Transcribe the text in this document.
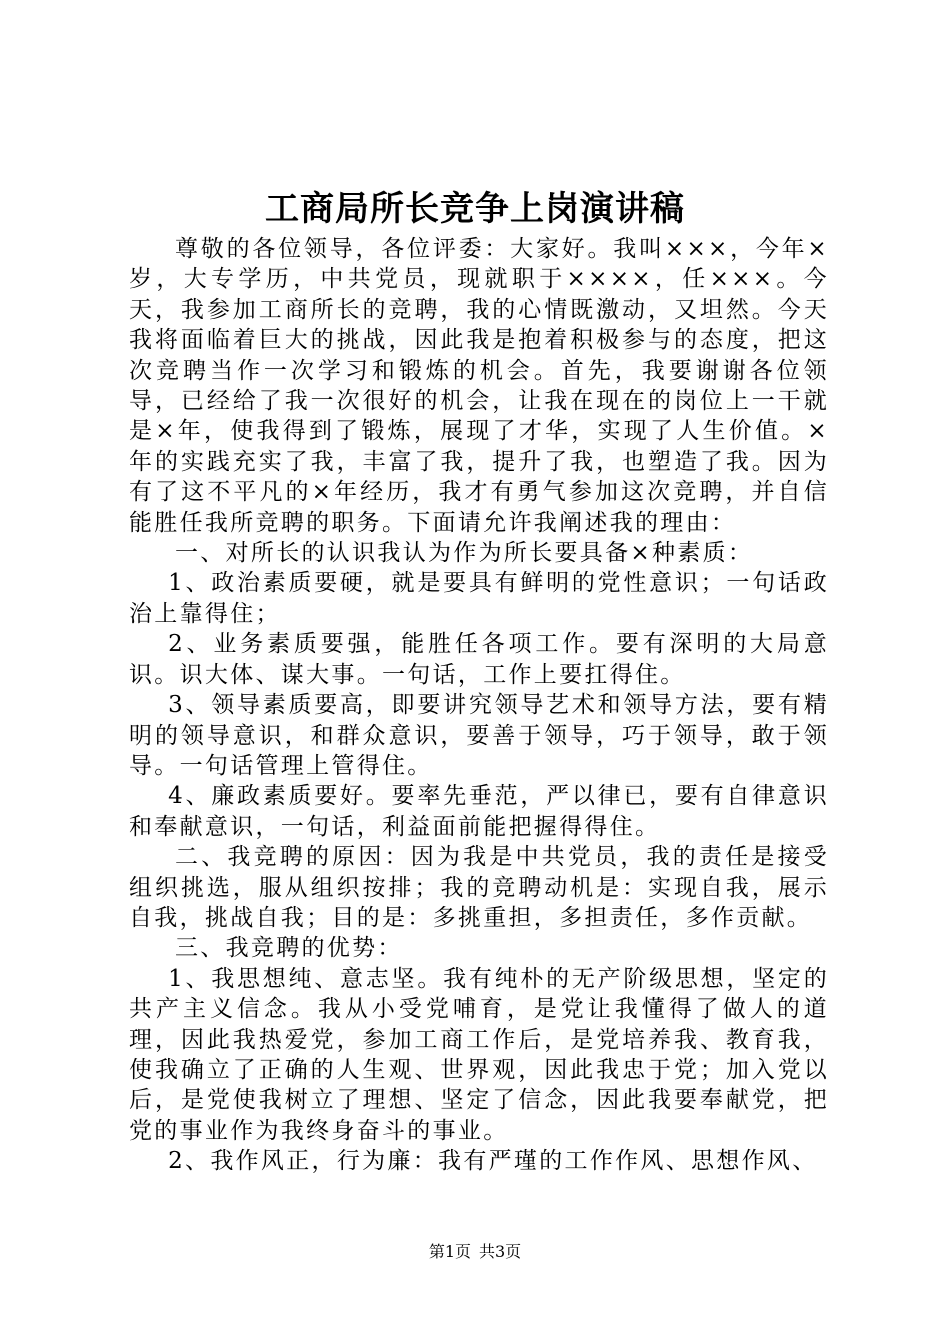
工商局所长竞争上岗演讲稿

尊敬的各位领导，各位评委：大家好。我叫×××，今年×岁，大专学历，中共党员，现就职于××××，任×××。今天，我参加工商所长的竞聘，我的心情既激动，又坦然。今天我将面临着巨大的挑战，因此我是抱着积极参与的态度，把这次竞聘当作一次学习和锻炼的机会。首先，我要谢谢各位领导，已经给了我一次很好的机会，让我在现在的岗位上一干就是×年，使我得到了锻炼，展现了才华，实现了人生价值。×年的实践充实了我，丰富了我，提升了我，也塑造了我。因为有了这不平凡的×年经历，我才有勇气参加这次竞聘，并自信能胜任我所竞聘的职务。下面请允许我阐述我的理由：

一、对所长的认识我认为作为所长要具备×种素质：

1、政治素质要硬，就是要具有鲜明的党性意识；一句话政治上靠得住；

2、业务素质要强，能胜任各项工作。要有深明的大局意识。识大体、谋大事。一句话，工作上要扛得住。

3、领导素质要高，即要讲究领导艺术和领导方法，要有精明的领导意识，和群众意识，要善于领导，巧于领导，敢于领导。一句话管理上管得住。

4、廉政素质要好。要率先垂范，严以律已，要有自律意识和奉献意识，一句话，利益面前能把握得得住。

二、我竞聘的原因：因为我是中共党员，我的责任是接受组织挑选，服从组织按排；我的竞聘动机是：实现自我，展示自我，挑战自我；目的是：多挑重担，多担责任，多作贡献。

三、我竞聘的优势：

1、我思想纯、意志坚。我有纯朴的无产阶级思想，坚定的共产主义信念。我从小受党哺育，是党让我懂得了做人的道理，因此我热爱党，参加工商工作后，是党培养我、教育我，使我确立了正确的人生观、世界观，因此我忠于党；加入党以后，是党使我树立了理想、坚定了信念，因此我要奉献党，把党的事业作为我终身奋斗的事业。

2、我作风正，行为廉：我有严瑾的工作作风、思想作风、

第1页 共3页
